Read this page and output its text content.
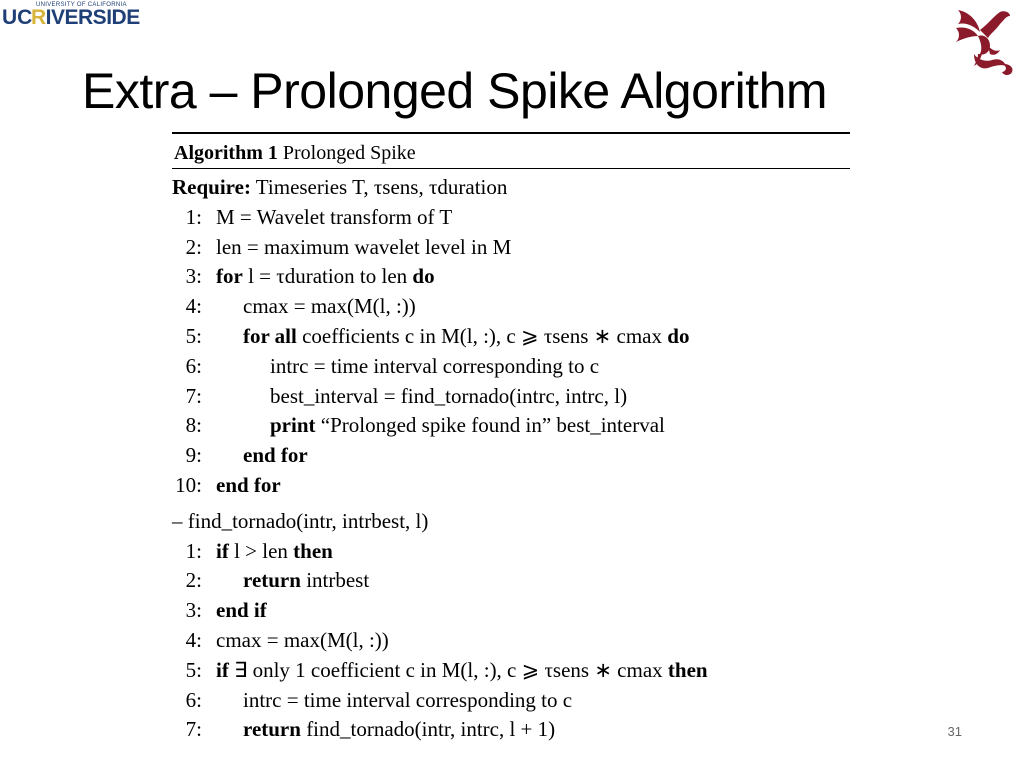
UNIVERSITY OF CALIFORNIA
UC
RIVERSIDE
Extra – Prolonged Spike Algorithm
Algorithm 1 Prolonged Spike
Require: Timeseries T, τsens, τduration
1: M = Wavelet transform of T
2: len = maximum wavelet level in M
3: for l = τduration to len do
4: cmax = max(M(l, :))
5: for all coefficients c in M(l, :), c ⩾ τsens ∗ cmax do
6:	intrc = time interval corresponding to c
7:	best_interval = find_tornado(intrc, intrc, l)
8:	print “Prolonged spike found in” best_interval
9: end for
10: end for
– find_tornado(intr, intrbest, l)
1: if l > len then
2: return intrbest
3: end if
4: cmax = max(M(l, :))
5: if ∃ only 1 coefficient c in M(l, :), c ⩾ τsens ∗ cmax then
6: intrc = time interval corresponding to c
7: return find_tornado(intr, intrc, l + 1)	31
